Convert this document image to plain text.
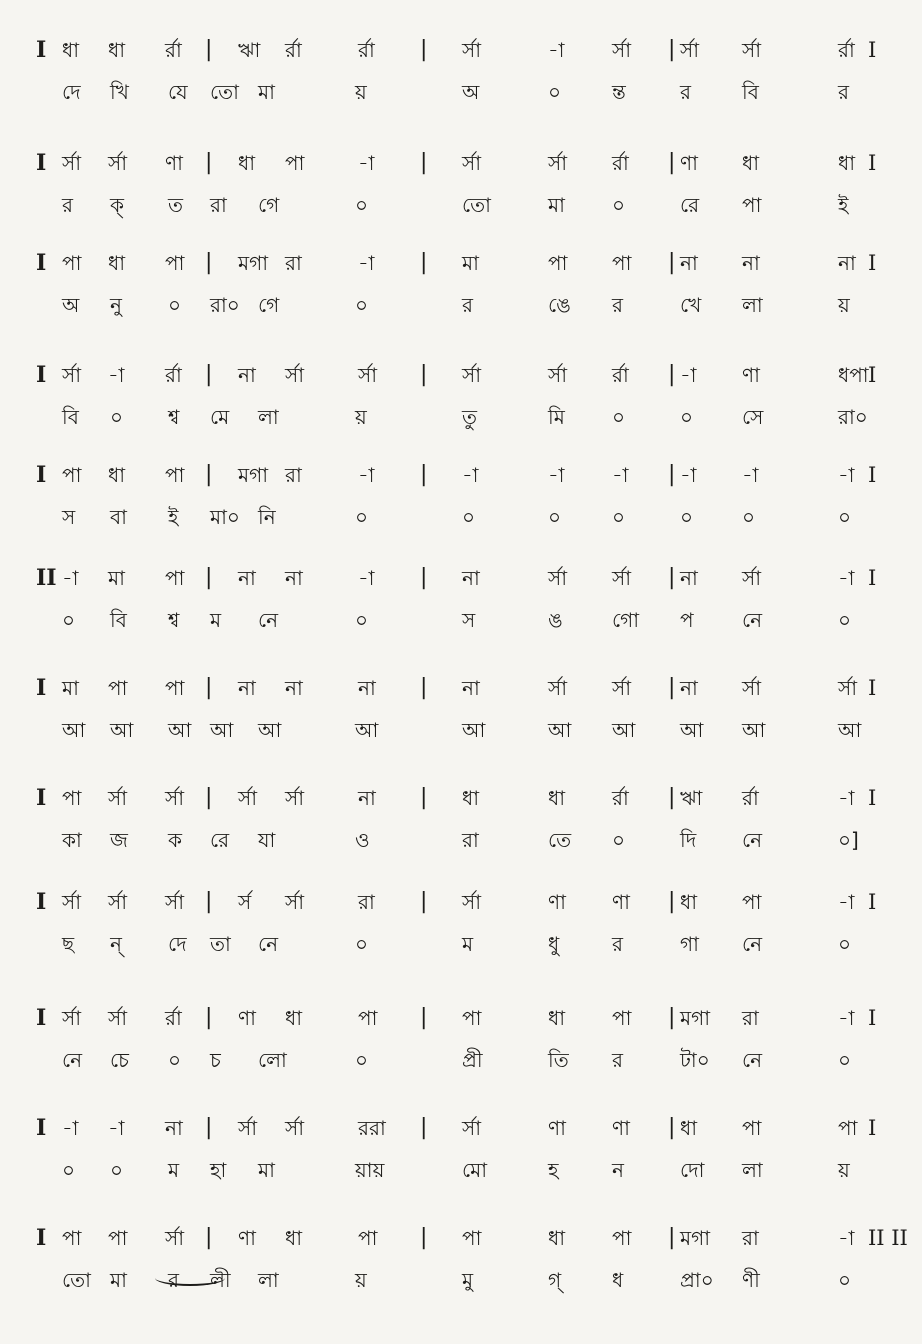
I ধা ধা র্রা | ঋা র্রা	র্রা | র্সা	-া র্সা | র্সা র্সা	র্রা I
দে খি যে তো মা	য়	অ	০	ন্ত	র	বি	র
I র্সা র্সা ণা | ধা পা	-া | র্সা	র্সা র্রা | ণা ধা	ধা I
র ক্ ত রা গে	০	তো	মা ০	রে পা	ই
I পা ধা পা | মগা রা	-া | মা	পা পা | না না	না I
অ নু ০ রা০ গে	০	র	ঙে র	খে লা	য়
I র্সা -া র্রা | না র্সা	র্সা | র্সা	র্সা র্রা | -া ণা	ধপা I
বি ০ শ্ব মে লা	য়	তু	মি ০	০ সে	রা০
I পা ধা পা | মগা রা	-া | -া	-া -া | -া -া	-া I
স বা ই মা০ নি	০	০	০	০	০ ০	০
II -া মা পা | না না	-া | না	র্সা র্সা | না র্সা	-া I
০ বি শ্ব ম নে	০	স	ঙ গো প নে	০
I মা পা পা | না না	না | না	র্সা র্সা | না র্সা	র্সা I
আ আ আ আ আ	আ	আ	আ আ আ আ	আ
I পা র্সা র্সা | র্সা র্সা	না | ধা	ধা র্রা | ঋা র্রা	-া I
কা জ ক রে যা	ও	রা	তে ০	দি নে	০]
I র্সা র্সা র্সা | র্স র্সা	রা | র্সা	ণা ণা | ধা পা	-া I
ছ ন্ দে তা নে	০	ম	ধু	র	গা নে	০
I র্সা র্সা র্রা | ণা ধা	পা | পা	ধা পা | মগা রা	-া I
নে চে ০ চ লো	০	প্রী	তি র	টা০ নে	০
I -া -া না | র্সা র্সা	ররা | র্সা	ণা ণা | ধা পা	পা I
০ ০ ম হা মা	য়ায়	মো	হ	ন	দো লা	য়
I পা পা র্সা | ণা ধা	পা | পা	ধা পা | মগা রা	-া II II
তো মা র লী লা	য়	মু	গ্	ধ	প্রা০ ণী	০
